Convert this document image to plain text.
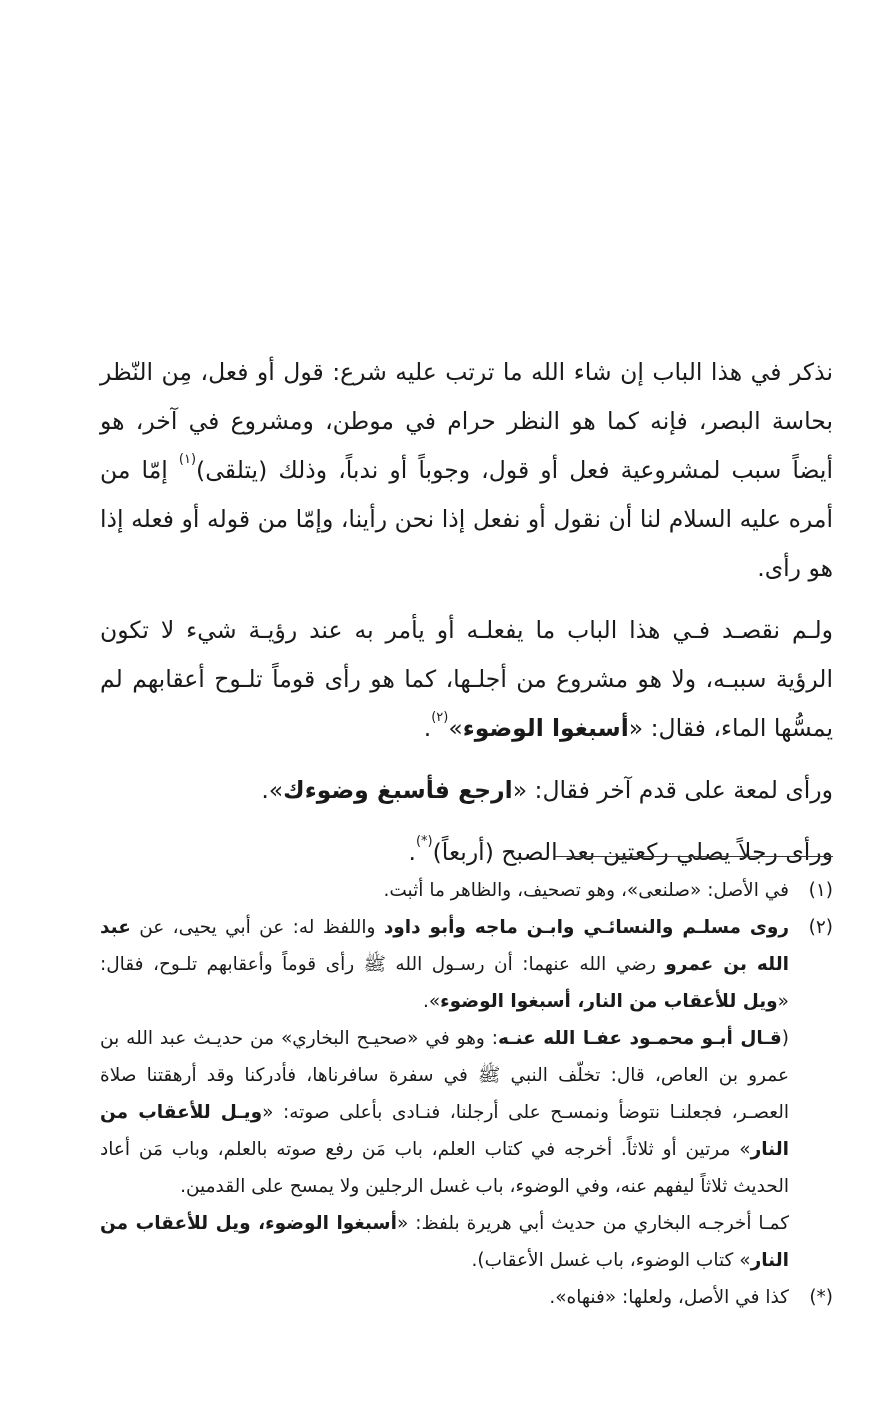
نذكر في هذا الباب إن شاء الله ما ترتب عليه شرع: قول أو فعل، مِن النّظر بحاسة البصر، فإنه كما هو النظر حرام في موطن، ومشروع في آخر، هو أيضاً سبب لمشروعية فعل أو قول، وجوباً أو ندباً، وذلك (يتلقى)$^{(١)}$ إمّا من أمره عليه السلام لنا أن نقول أو نفعل إذا نحن رأينا، وإمّا من قوله أو فعله إذا هو رأى.

ولـم نقصـد فـي هذا الباب ما يفعلـه أو يأمر به عند رؤيـة شيء لا تكون الرؤية سببـه، ولا هو مشروع من أجلـها، كما هو رأى قوماً تلـوح أعقابهم لم يمسُّها الماء، فقال: «أسبغوا الوضوء»$^{(٢)}$.

ورأى لمعة على قدم آخر فقال: «ارجع فأسبغ وضوءك».

ورأى رجلاً يصلي ركعتين بعد الصبح (أربعاً)(*).

(١)
في الأصل: «صلنعى»، وهو تصحيف، والظاهر ما أثبت.
(٢)

روى مسلـم والنسائـي وابـن ماجه وأبو داود واللفظ له: عن أبي يحيى، عن عبد الله بن عمرو رضي الله عنهما: أن رسـول الله ﷺ رأى قوماً وأعقابهم تلـوح، فقال: «ويل للأعقاب من النار، أسبغوا الوضوء».

(قـال أبـو محمـود عفـا الله عنـه: وهو في «صحيـح البخاري» من حديـث عبد الله بن عمرو بن العاص، قال: تخلّف النبي ﷺ في سفرة سافرناها، فأدركنا وقد أرهقتنا صلاة العصـر، فجعلنـا نتوضأ ونمسـح على أرجلنا، فنـادى بأعلى صوته: «ويـل للأعقاب من النار» مرتين أو ثلاثاً. أخرجه في كتاب العلم، باب مَن رفع صوته بالعلم، وباب مَن أعاد الحديث ثلاثاً ليفهم عنه، وفي الوضوء، باب غسل الرجلين ولا يمسح على القدمين.

كمـا أخرجـه البخاري من حديث أبي هريرة بلفظ: «أسبغوا الوضوء، ويل للأعقاب من النار» كتاب الوضوء، باب غسل الأعقاب).

(*)
كذا في الأصل، ولعلها: «فنهاه».
